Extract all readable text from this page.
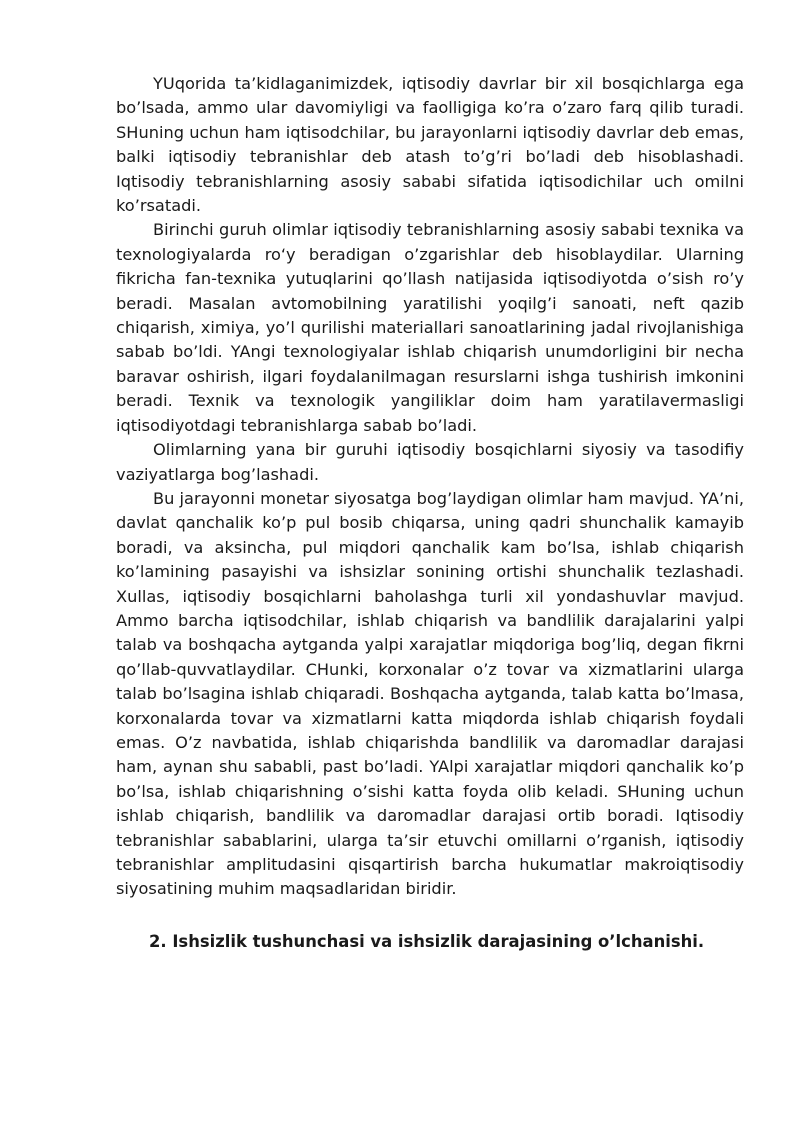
YUqorida ta’kidlaganimizdek, iqtisodiy davrlar bir xil bosqichlarga ega bo’lsada, ammo ular davomiyligi va faolligiga ko’ra o’zaro farq qilib turadi. SHuning uchun ham iqtisodchilar, bu jarayonlarni iqtisodiy davrlar deb emas, balki iqtisodiy tebranishlar deb atash to’g’ri bo’ladi deb hisoblashadi. Iqtisodiy tebranishlarning asosiy sababi sifatida iqtisodichilar uch omilni ko’rsatadi.

Birinchi guruh olimlar iqtisodiy tebranishlarning asosiy sababi texnika va texnologiyalarda ro‘y beradigan o’zgarishlar deb hisoblaydilar. Ularning fikricha fan-texnika yutuqlarini qo’llash natijasida iqtisodiyotda o’sish ro’y beradi. Masalan avtomobilning yaratilishi yoqilg’i sanoati, neft qazib chiqarish, ximiya, yo’l qurilishi materiallari sanoatlarining jadal rivojlanishiga sabab bo’ldi. YAngi texnologiyalar ishlab chiqarish unumdorligini bir necha baravar oshirish, ilgari foydalanilmagan resurslarni ishga tushirish imkonini beradi. Texnik va texnologik yangiliklar doim ham yaratilavermasligi iqtisodiyotdagi tebranishlarga sabab bo’ladi.

Olimlarning yana bir guruhi iqtisodiy bosqichlarni siyosiy va tasodifiy vaziyatlarga bog’lashadi.

Bu jarayonni monetar siyosatga bog’laydigan olimlar ham mavjud. YA’ni, davlat qanchalik ko’p pul bosib chiqarsa, uning qadri shunchalik kamayib boradi, va aksincha, pul miqdori qanchalik kam bo’lsa, ishlab chiqarish ko’lamining pasayishi va ishsizlar sonining ortishi shunchalik tezlashadi. Xullas, iqtisodiy bosqichlarni baholashga turli xil yondashuvlar mavjud. Ammo barcha iqtisodchilar, ishlab chiqarish va bandlilik darajalarini yalpi talab va boshqacha aytganda yalpi xarajatlar miqdoriga bog’liq, degan fikrni qo’llab-quvvatlaydilar. CHunki, korxonalar o’z tovar va xizmatlarini ularga talab bo’lsagina ishlab chiqaradi. Boshqacha aytganda, talab katta bo’lmasa, korxonalarda tovar va xizmatlarni katta miqdorda ishlab chiqarish foydali emas. O’z navbatida, ishlab chiqarishda bandlilik va daromadlar darajasi ham, aynan shu sababli, past bo’ladi. YAlpi xarajatlar miqdori qanchalik ko’p bo’lsa, ishlab chiqarishning o’sishi katta foyda olib keladi. SHuning uchun ishlab chiqarish, bandlilik va daromadlar darajasi ortib boradi. Iqtisodiy tebranishlar sabablarini, ularga ta’sir etuvchi omillarni o’rganish, iqtisodiy tebranishlar amplitudasini qisqartirish barcha hukumatlar makroiqtisodiy siyosatining muhim maqsadlaridan biridir.

2. Ishsizlik tushunchasi va ishsizlik darajasining o’lchanishi.
